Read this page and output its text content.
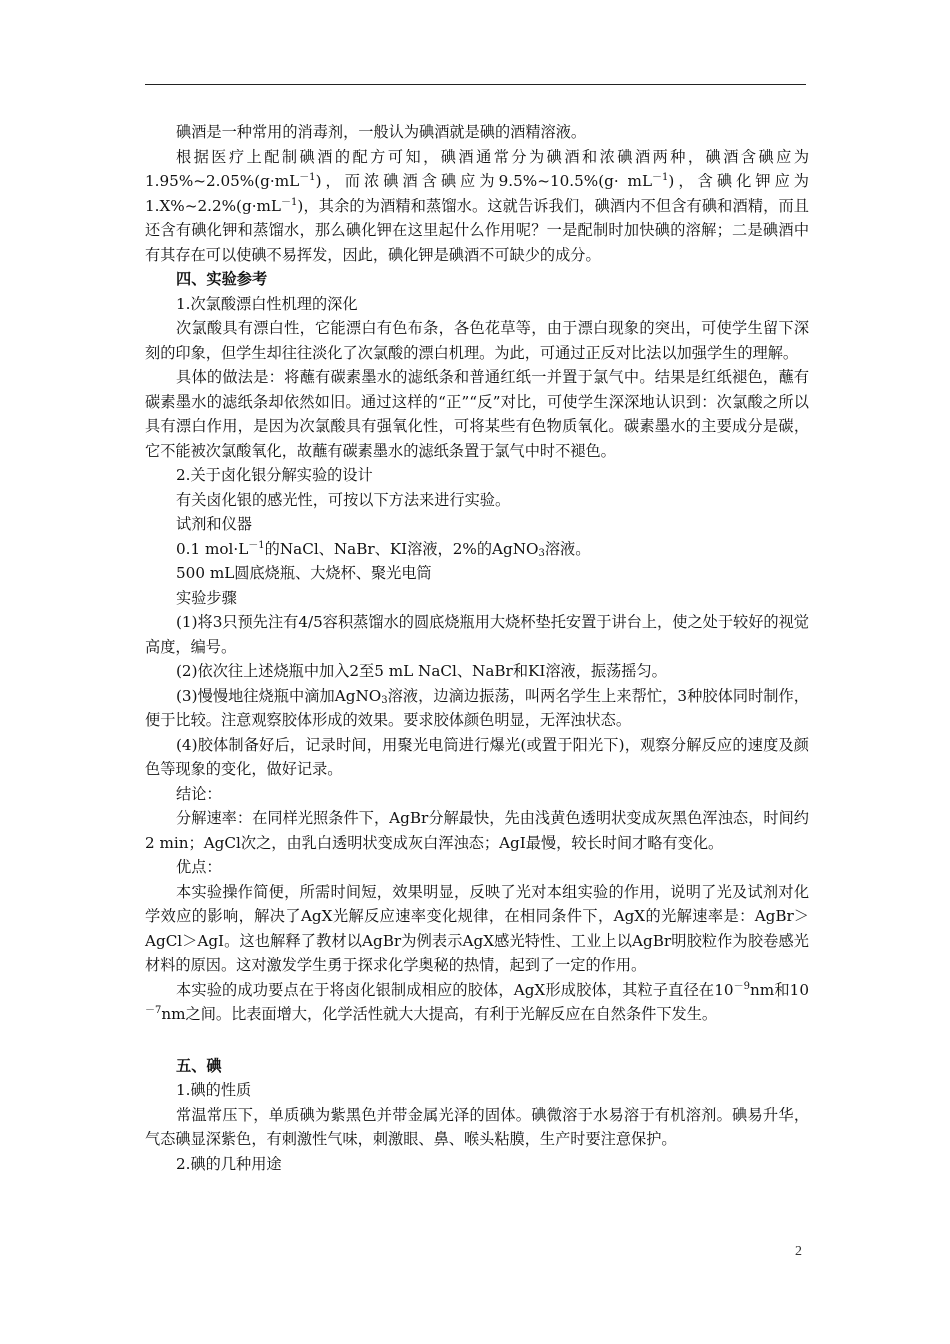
碘酒是一种常用的消毒剂，一般认为碘酒就是碘的酒精溶液。

根据医疗上配制碘酒的配方可知，碘酒通常分为碘酒和浓碘酒两种，碘酒含碘应为$1.95\%\sim 2.05\%(g\cdot mL^{-1})$，而浓碘酒含碘应为9.5%~10.5%(g· $mL^{-1}$)，含碘化钾应为$1.X\%\sim 2.2\%(g\cdot mL^{-1})$，其余的为酒精和蒸馏水。这就告诉我们，碘酒内不但含有碘和酒精，而且还含有碘化钾和蒸馏水，那么碘化钾在这里起什么作用呢？一是配制时加快碘的溶解；二是碘酒中有其存在可以使碘不易挥发，因此，碘化钾是碘酒不可缺少的成分。

四、实验参考

1.次氯酸漂白性机理的深化

次氯酸具有漂白性，它能漂白有色布条，各色花草等，由于漂白现象的突出，可使学生留下深刻的印象，但学生却往往淡化了次氯酸的漂白机理。为此，可通过正反对比法以加强学生的理解。

具体的做法是：将蘸有碳素墨水的滤纸条和普通红纸一并置于氯气中。结果是红纸褪色，蘸有碳素墨水的滤纸条却依然如旧。通过这样的“正”“反”对比，可使学生深深地认识到：次氯酸之所以具有漂白作用，是因为次氯酸具有强氧化性，可将某些有色物质氧化。碳素墨水的主要成分是碳，它不能被次氯酸氧化，故蘸有碳素墨水的滤纸条置于氯气中时不褪色。

2.关于卤化银分解实验的设计

有关卤化银的感光性，可按以下方法来进行实验。

试剂和仪器

0.1 $mol\cdot L^{-1}$的NaCl、NaBr、KI溶液，2%的AgNO$_3$溶液。

500 mL圆底烧瓶、大烧杯、聚光电筒

实验步骤

(1)将3只预先注有4/5容积蒸馏水的圆底烧瓶用大烧杯垫托安置于讲台上，使之处于较好的视觉高度，编号。

(2)依次往上述烧瓶中加入2至5 mL NaCl、NaBr和KI溶液，振荡摇匀。

(3)慢慢地往烧瓶中滴加AgNO$_3$溶液，边滴边振荡，叫两名学生上来帮忙，3种胶体同时制作，便于比较。注意观察胶体形成的效果。要求胶体颜色明显，无浑浊状态。

(4)胶体制备好后，记录时间，用聚光电筒进行爆光(或置于阳光下)，观察分解反应的速度及颜色等现象的变化，做好记录。

结论：

分解速率：在同样光照条件下，AgBr分解最快，先由浅黄色透明状变成灰黑色浑浊态，时间约2 min；AgCl次之，由乳白透明状变成灰白浑浊态；AgI最慢，较长时间才略有变化。

优点：

本实验操作简便，所需时间短，效果明显，反映了光对本组实验的作用，说明了光及试剂对化学效应的影响，解决了AgX光解反应速率变化规律，在相同条件下，AgX的光解速率是：AgBr＞AgCl＞AgI。这也解释了教材以AgBr为例表示AgX感光特性、工业上以AgBr明胶粒作为胶卷感光材料的原因。这对激发学生勇于探求化学奥秘的热情，起到了一定的作用。

本实验的成功要点在于将卤化银制成相应的胶体，AgX形成胶体，其粒子直径在$10^{-9}nm$和$10^{-7}nm$之间。比表面增大，化学活性就大大提高，有利于光解反应在自然条件下发生。

五、碘

1.碘的性质

常温常压下，单质碘为紫黑色并带金属光泽的固体。碘微溶于水易溶于有机溶剂。碘易升华，气态碘显深紫色，有刺激性气味，刺激眼、鼻、喉头粘膜，生产时要注意保护。

2.碘的几种用途

2
